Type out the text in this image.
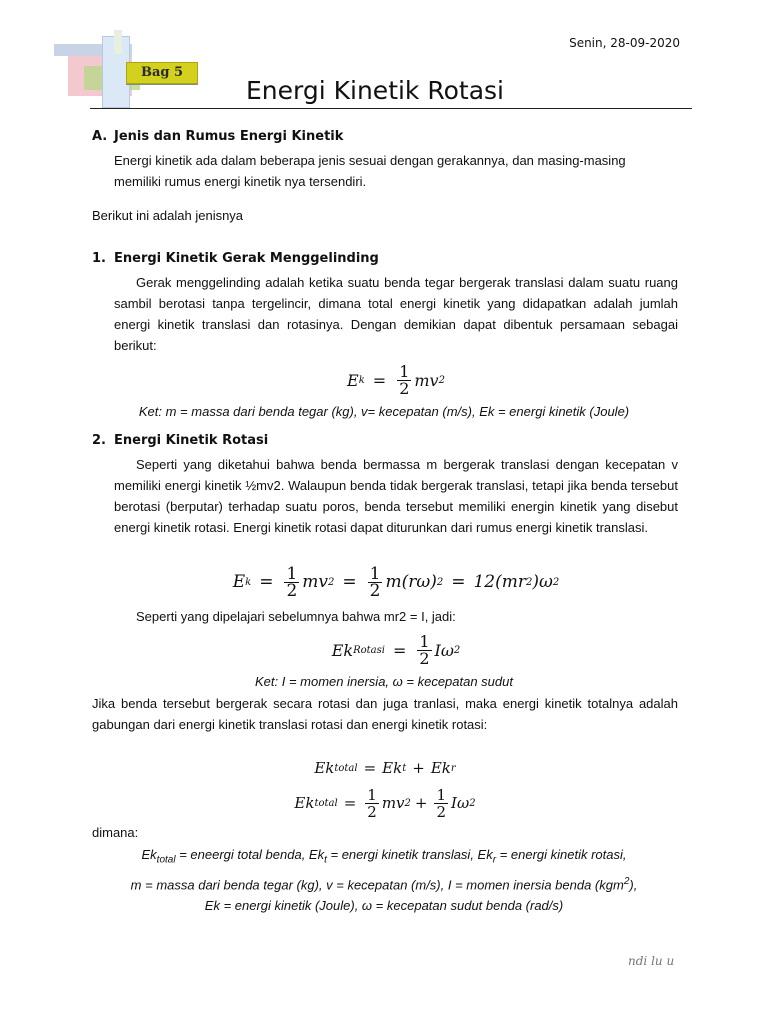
Senin, 28-09-2020
Bag 5
Energi Kinetik Rotasi
A. Jenis dan Rumus Energi Kinetik
Energi kinetik ada dalam beberapa jenis sesuai dengan gerakannya, dan masing-masing memiliki rumus energi kinetik nya tersendiri.
Berikut ini adalah jenisnya
1. Energi Kinetik Gerak Menggelinding
Gerak menggelinding adalah ketika suatu benda tegar bergerak translasi dalam suatu ruang sambil berotasi tanpa tergelincir, dimana total energi kinetik yang didapatkan adalah jumlah energi kinetik translasi dan rotasinya. Dengan demikian dapat dibentuk persamaan sebagai berikut:
E $k = \frac{1}{2}$ mv 2
Ket: m = massa dari benda tegar (kg), v= kecepatan (m/s), Ek = energi kinetik (Joule)
2. Energi Kinetik Rotasi
Seperti yang diketahui bahwa benda bermassa m bergerak translasi dengan kecepatan v memiliki energi kinetik ½mv2. Walaupun benda tidak bergerak translasi, tetapi jika benda tersebut berotasi (berputar) terhadap suatu poros, benda tersebut memiliki energin kinetik yang disebut energi kinetik rotasi. Energi kinetik rotasi dapat diturunkan dari rumus energi kinetik translasi.
E $k = \frac{1}{2}$ mv $2 = \frac{1}{2} m(r\omega) 2 = 12(mr$ 2 )ω 2
Seperti yang dipelajari sebelumnya bahwa mr2 = I, jadi:
Ek Rotasi = $\frac{1}{2}$ Iω 2
Ket: I = momen inersia, ω = kecepatan sudut
Jika benda tersebut bergerak secara rotasi dan juga tranlasi, maka energi kinetik totalnya adalah gabungan dari energi kinetik translasi rotasi dan energi kinetik rotasi:
Ek total = Ek t + Ek r
Ek total = $\frac{1}{2}$ mv $2 + \frac{1}{2}$ Iω 2
dimana:
$Ek_{total}$ = eneergi total benda, $Ek_t$ = energi kinetik translasi, $Ek_r$ = energi kinetik rotasi,
m = massa dari benda tegar (kg), v = kecepatan (m/s), I = momen inersia benda (kgm$^2$),
Ek = energi kinetik (Joule), ω = kecepatan sudut benda (rad/s)
ndi lu u
